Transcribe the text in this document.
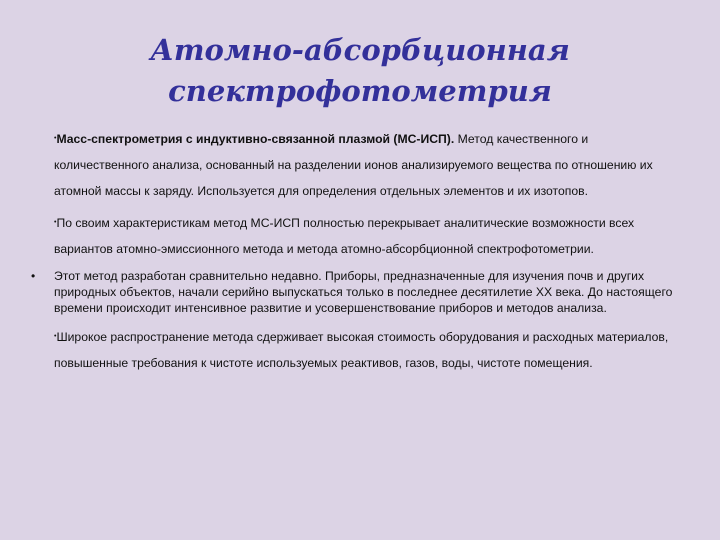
Атомно-абсорбционная
спектрофотометрия

•Масс-спектрометрия с индуктивно-связанной плазмой (МС-ИСП). Метод качественного и количественного анализа, основанный на разделении ионов анализируемого вещества по отношению их атомной массы к заряду. Используется для определения отдельных элементов и их изотопов.

•По своим характеристикам метод МС-ИСП полностью перекрывает аналитические возможности всех вариантов атомно-эмиссионного метода и метода атомно-абсорбционной спектрофотометрии.

• Этот метод разработан сравнительно недавно. Приборы, предназначенные для изучения почв и других природных объектов, начали серийно выпускаться только в последнее десятилетие XX века. До настоящего времени происходит интенсивное развитие и усовершенствование приборов и методов анализа.

•Широкое распространение метода сдерживает высокая стоимость оборудования и расходных материалов, повышенные требования к чистоте используемых реактивов, газов, воды, чистоте помещения.
